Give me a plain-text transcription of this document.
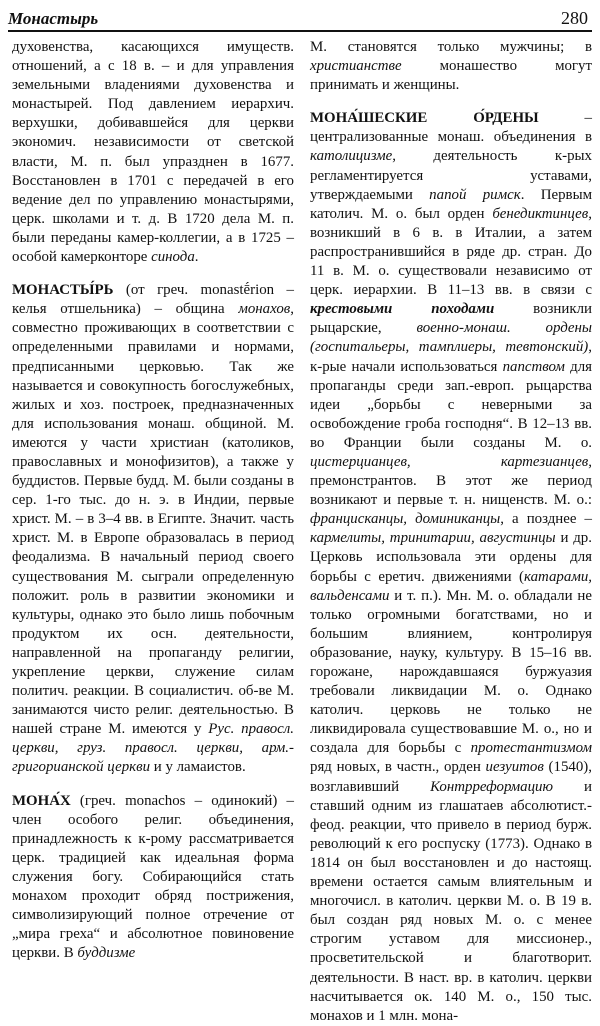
Монастырь	280

духовенства, касающихся имуществ. отношений, а с 18 в. – и для управления земельными владениями духовенства и монастырей. Под давлением иерархич. верхушки, добивавшейся для церкви экономич. независимости от светской власти, М. п. был упразднен в 1677. Восстановлен в 1701 с передачей в его ведение дел по управлению монастырями, церк. школами и т. д. В 1720 дела М. п. были переданы камер-коллегии, а в 1725 – особой камерконторе синода.

МОНАСТЫ́РЬ (от греч. monastḗrion – келья отшельника) – община монахов, совместно проживающих в соответствии с определенными правилами и нормами, предписанными церковью. Так же называется и совокупность богослужебных, жилых и хоз. построек, предназначенных для использования монаш. общиной. М. имеются у части христиан (католиков, православных и монофизитов), а также у буддистов. Первые будд. М. были созданы в сер. 1-го тыс. до н. э. в Индии, первые христ. М. – в 3–4 вв. в Египте. Значит. часть христ. М. в Европе образовалась в период феодализма. В начальный период своего существования М. сыграли определенную положит. роль в развитии экономики и культуры, однако это было лишь побочным продуктом их осн. деятельности, направленной на пропаганду религии, укрепление церкви, служение силам политич. реакции. В социалистич. об-ве М. занимаются чисто религ. деятельностью. В нашей стране М. имеются у Рус. правосл. церкви, груз. правосл. церкви, арм.-григорианской церкви и у ламаистов.

МОНА́Х (греч. monachos – одинокий) – член особого религ. объединения, принадлежность к к-рому рассматривается церк. традицией как идеальная форма служения богу. Собирающийся стать монахом проходит обряд пострижения, символизирующий полное отречение от „мира греха“ и абсолютное повиновение церкви. В буддизме

М. становятся только мужчины; в христианстве монашество могут принимать и женщины.

МОНА́ШЕСКИЕ О́РДЕНЫ – централизованные монаш. объединения в католицизме, деятельность к-рых регламентируется уставами, утверждаемыми папой римск. Первым католич. М. о. был орден бенедиктинцев, возникший в 6 в. в Италии, а затем распространившийся в ряде др. стран. До 11 в. М. о. существовали независимо от церк. иерархии. В 11–13 вв. в связи с крестовыми походами возникли рыцарские, военно-монаш. ордены (госпитальеры, тамплиеры, тевтонский), к-рые начали использоваться папством для пропаганды среди зап.-европ. рыцарства идеи „борьбы с неверными за освобождение гроба господня“. В 12–13 вв. во Франции были созданы М. о. цистерцианцев, картезианцев, премонстрантов. В этот же период возникают и первые т. н. нищенств. М. о.: францисканцы, доминиканцы, а позднее – кармелиты, тринитарии, августинцы и др. Церковь использовала эти ордены для борьбы с еретич. движениями (катарами, вальденсами и т. п.). Мн. М. о. обладали не только огромными богатствами, но и большим влиянием, контролируя образование, науку, культуру. В 15–16 вв. горожане, нарождавшаяся буржуазия требовали ликвидации М. о. Однако католич. церковь не только не ликвидировала существовавшие М. о., но и создала для борьбы с протестантизмом ряд новых, в частн., орден иезуитов (1540), возглавивший Контрреформацию и ставший одним из глашатаев абсолютист.-феод. реакции, что привело в период бурж. революций к его роспуску (1773). Однако в 1814 он был восстановлен и до настоящ. времени остается самым влиятельным и многочисл. в католич. церкви М. о. В 19 в. был создан ряд новых М. о. с менее строгим уставом для миссионер., просветительской и благотворит. деятельности. В наст. вр. в католич. церкви насчитывается ок. 140 М. о., 150 тыс. монахов и 1 млн. мона-
